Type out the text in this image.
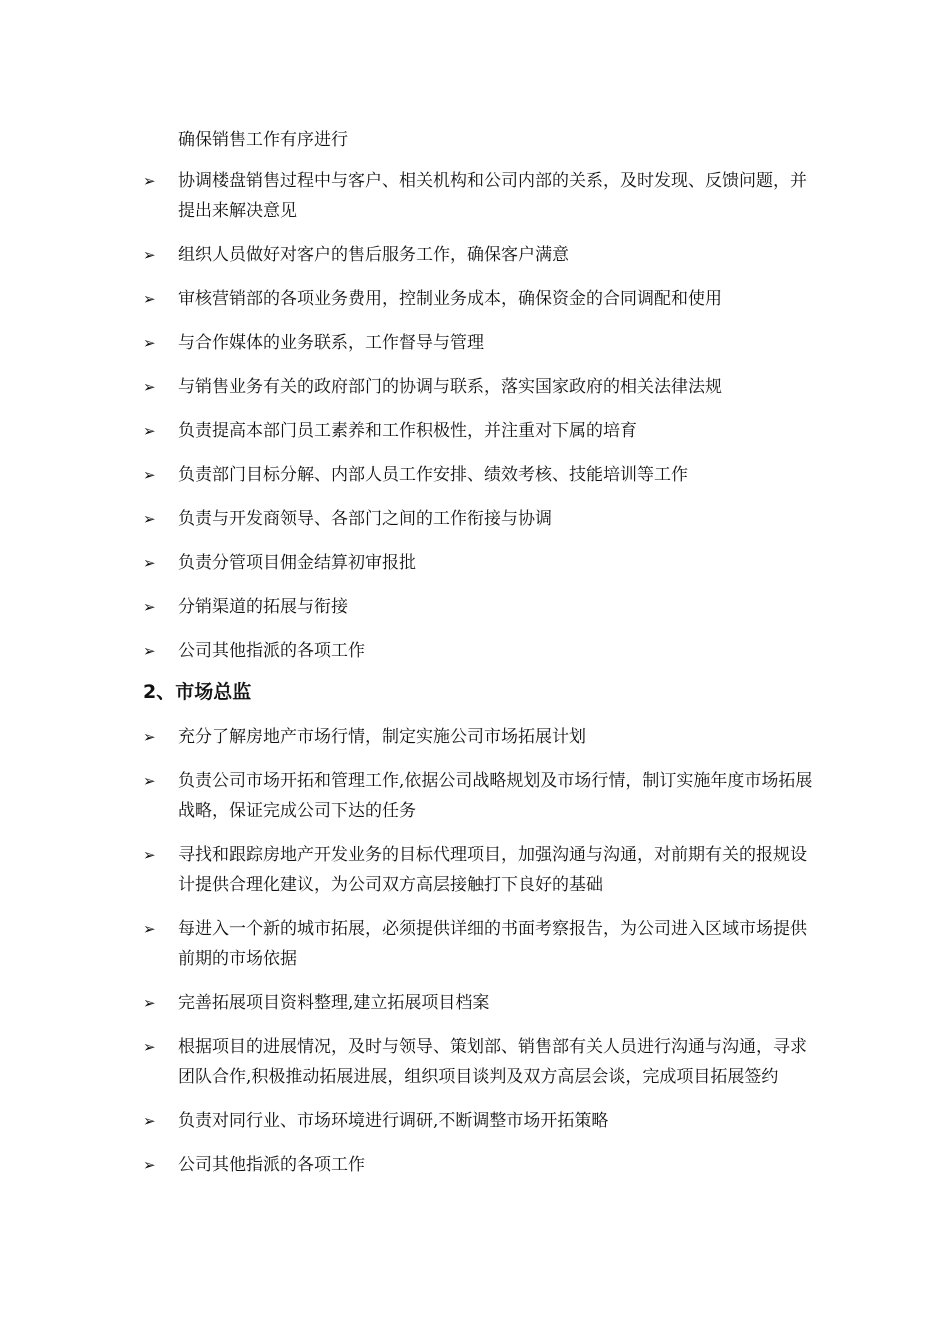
确保销售工作有序进行
➢	协调楼盘销售过程中与客户、相关机构和公司内部的关系，及时发现、反馈问题，并提出来解决意见
➢	组织人员做好对客户的售后服务工作，确保客户满意
➢	审核营销部的各项业务费用，控制业务成本，确保资金的合同调配和使用
➢	与合作媒体的业务联系，工作督导与管理
➢	与销售业务有关的政府部门的协调与联系，落实国家政府的相关法律法规
➢	负责提高本部门员工素养和工作积极性，并注重对下属的培育
➢	负责部门目标分解、内部人员工作安排、绩效考核、技能培训等工作
➢	负责与开发商领导、各部门之间的工作衔接与协调
➢	负责分管项目佣金结算初审报批
➢	分销渠道的拓展与衔接
➢	公司其他指派的各项工作
2、市场总监
➢	充分了解房地产市场行情，制定实施公司市场拓展计划
➢	负责公司市场开拓和管理工作,依据公司战略规划及市场行情，制订实施年度市场拓展战略，保证完成公司下达的任务
➢	寻找和跟踪房地产开发业务的目标代理项目，加强沟通与沟通，对前期有关的报规设计提供合理化建议，为公司双方高层接触打下良好的基础
➢	每进入一个新的城市拓展，必须提供详细的书面考察报告，为公司进入区域市场提供前期的市场依据
➢	完善拓展项目资料整理,建立拓展项目档案
➢	根据项目的进展情况，及时与领导、策划部、销售部有关人员进行沟通与沟通，寻求团队合作,积极推动拓展进展，组织项目谈判及双方高层会谈，完成项目拓展签约
➢	负责对同行业、市场环境进行调研,不断调整市场开拓策略
➢	公司其他指派的各项工作
